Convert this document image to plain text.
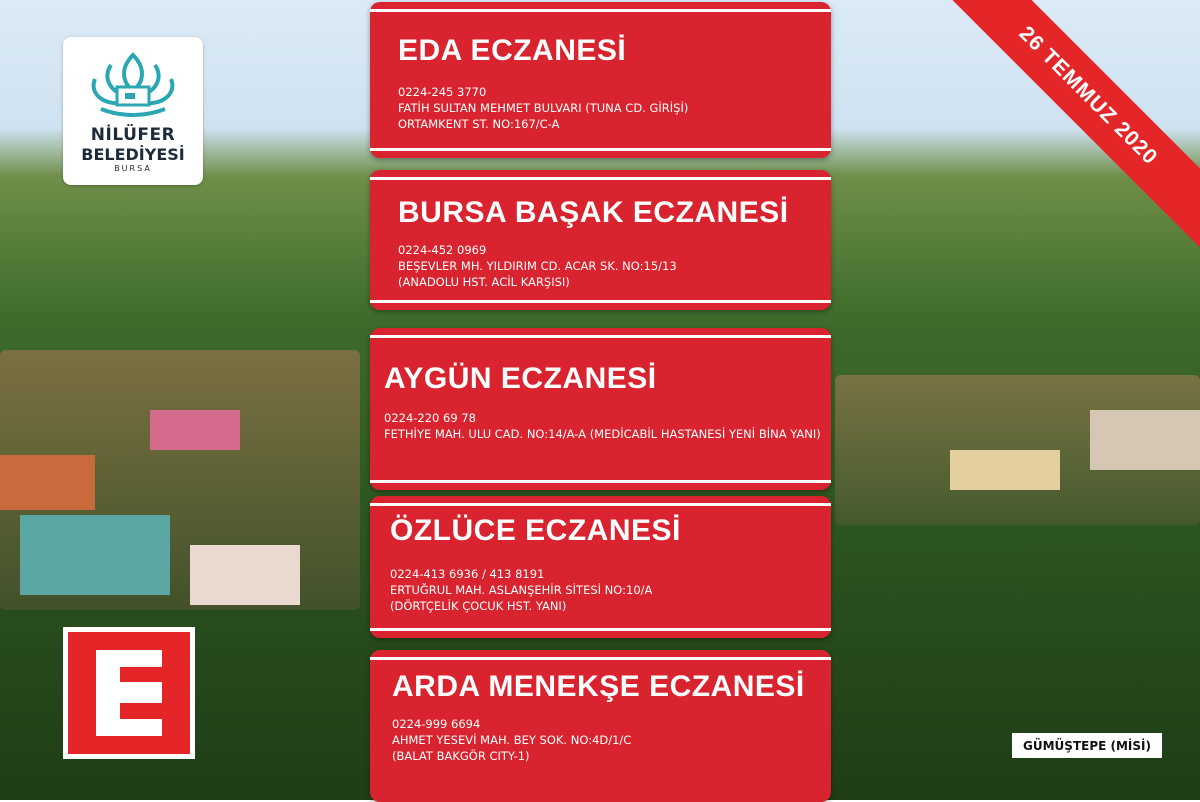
NİLÜFER
BELEDİYESİ
BURSA	26 TEMMUZ 2020
EDA ECZANESİ
0224-245 3770
FATİH SULTAN MEHMET BULVARI (TUNA CD. GİRİŞİ)
ORTAMKENT ST. NO:167/C-A
BURSA BAŞAK ECZANESİ
0224-452 0969
BEŞEVLER MH. YILDIRIM CD. ACAR SK. NO:15/13
(ANADOLU HST. ACİL KARŞISI)
AYGÜN ECZANESİ
0224-220 69 78
FETHİYE MAH. ULU CAD. NO:14/A-A (MEDİCABİL HASTANESİ YENİ BİNA YANI)
ÖZLÜCE ECZANESİ
0224-413 6936 / 413 8191
ERTUĞRUL MAH. ASLANŞEHİR SİTESİ NO:10/A
(DÖRTÇELİK ÇOCUK HST. YANI)
ARDA MENEKŞE ECZANESİ
0224-999 6694
AHMET YESEVİ MAH. BEY SOK. NO:4D/1/C
(BALAT BAKGÖR CITY-1)
GÜMÜŞTEPE (MİSİ)
